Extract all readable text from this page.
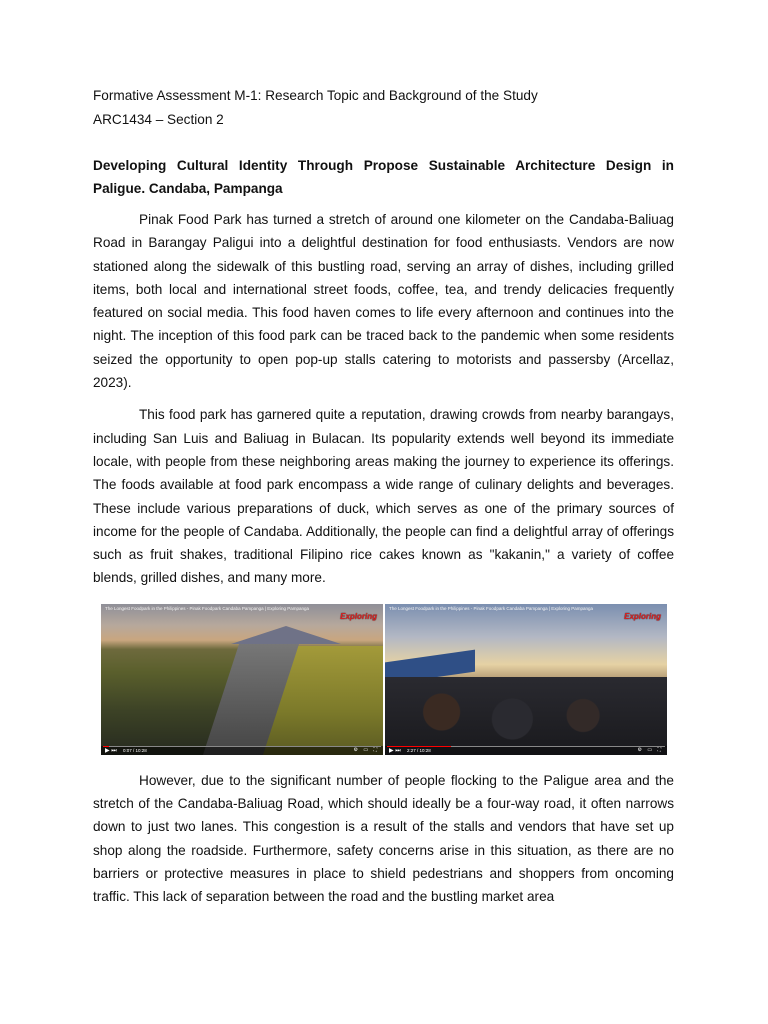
Formative Assessment M-1: Research Topic and Background of the Study

ARC1434 – Section 2

Developing Cultural Identity Through Propose Sustainable Architecture Design in Paligue. Candaba, Pampanga

Pinak Food Park has turned a stretch of around one kilometer on the Candaba-Baliuag Road in Barangay Paligui into a delightful destination for food enthusiasts. Vendors are now stationed along the sidewalk of this bustling road, serving an array of dishes, including grilled items, both local and international street foods, coffee, tea, and trendy delicacies frequently featured on social media. This food haven comes to life every afternoon and continues into the night. The inception of this food park can be traced back to the pandemic when some residents seized the opportunity to open pop-up stalls catering to motorists and passersby (Arcellaz, 2023).

This food park has garnered quite a reputation, drawing crowds from nearby barangays, including San Luis and Baliuag in Bulacan. Its popularity extends well beyond its immediate locale, with people from these neighboring areas making the journey to experience its offerings. The foods available at food park encompass a wide range of culinary delights and beverages. These include various preparations of duck, which serves as one of the primary sources of income for the people of Candaba. Additionally, the people can find a delightful array of offerings such as fruit shakes, traditional Filipino rice cakes known as "kakanin," a variety of coffee blends, grilled dishes, and many more.

The Longest Foodpark in the Philippines - Pinak Foodpark Candaba Pampanga | Exploring Pampanga
Exploring
▶ ⏭ 0:07 / 10:28	⚙ ▭ ⛶
The Longest Foodpark in the Philippines - Pinak Foodpark Candaba Pampanga | Exploring Pampanga
Exploring
▶ ⏭ 2:27 / 10:28	⚙ ▭ ⛶

However, due to the significant number of people flocking to the Paligue area and the stretch of the Candaba-Baliuag Road, which should ideally be a four-way road, it often narrows down to just two lanes. This congestion is a result of the stalls and vendors that have set up shop along the roadside. Furthermore, safety concerns arise in this situation, as there are no barriers or protective measures in place to shield pedestrians and shoppers from oncoming traffic. This lack of separation between the road and the bustling market area
